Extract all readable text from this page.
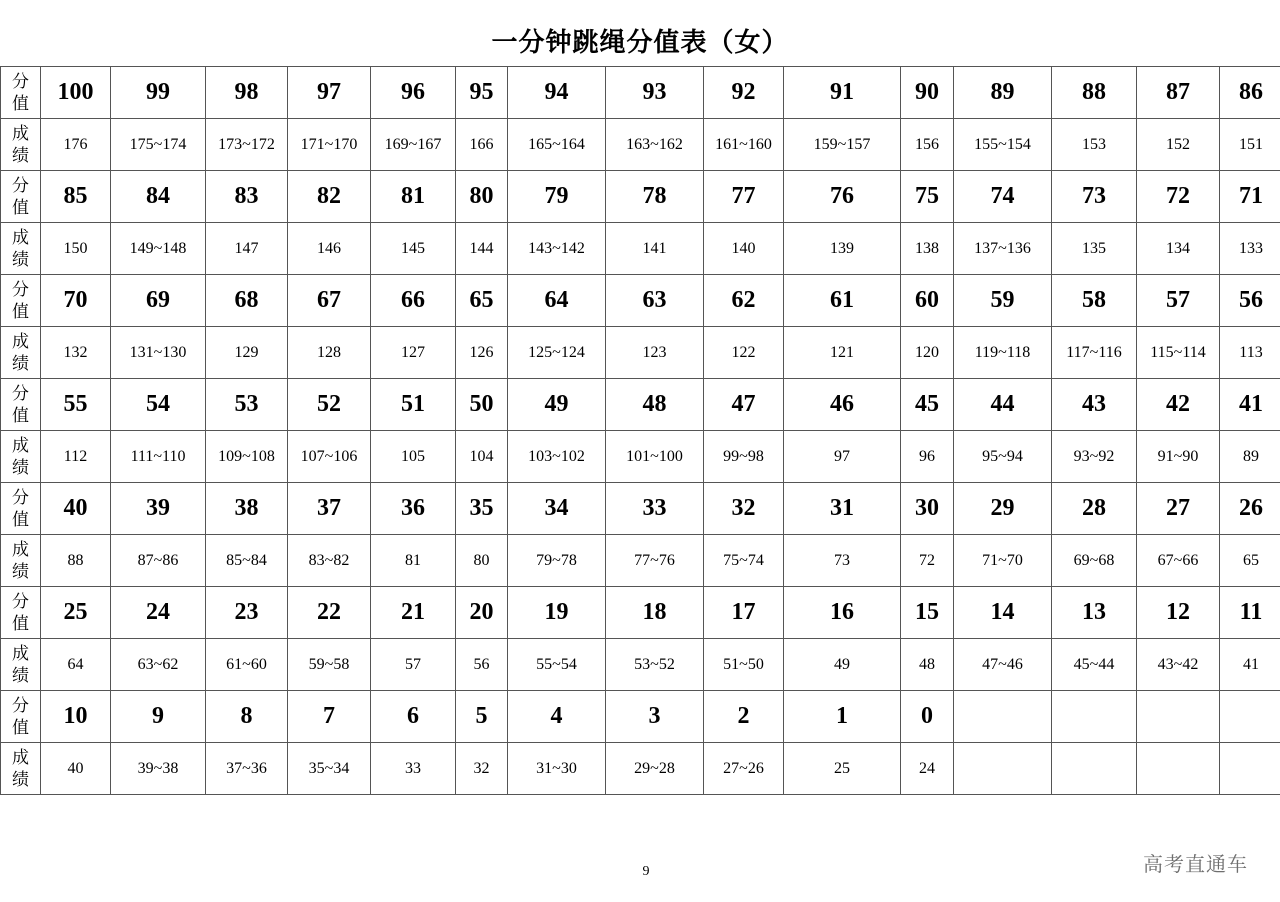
一分钟跳绳分值表（女）
分
值	100	99	98	97	96	95	94	93	92	91	90	89	88	87	86

成
绩	176	175~174	173~172	171~170	169~167	166	165~164	163~162	161~160	159~157	156	155~154	153	152	151

分
值	85	84	83	82	81	80	79	78	77	76	75	74	73	72	71

成
绩	150	149~148	147	146	145	144	143~142	141	140	139	138	137~136	135	134	133

分
值	70	69	68	67	66	65	64	63	62	61	60	59	58	57	56

成
绩	132	131~130	129	128	127	126	125~124	123	122	121	120	119~118	117~116	115~114	113

分
值	55	54	53	52	51	50	49	48	47	46	45	44	43	42	41

成
绩	112	111~110	109~108	107~106	105	104	103~102	101~100	99~98	97	96	95~94	93~92	91~90	89

分
值	40	39	38	37	36	35	34	33	32	31	30	29	28	27	26

成
绩	88	87~86	85~84	83~82	81	80	79~78	77~76	75~74	73	72	71~70	69~68	67~66	65

分
值	25	24	23	22	21	20	19	18	17	16	15	14	13	12	11

成
绩	64	63~62	61~60	59~58	57	56	55~54	53~52	51~50	49	48	47~46	45~44	43~42	41

分
值	10	9	8	7	6	5	4	3	2	1	0				

成
绩	40	39~38	37~36	35~34	33	32	31~30	29~28	27~26	25	24				
9	高考直通车
